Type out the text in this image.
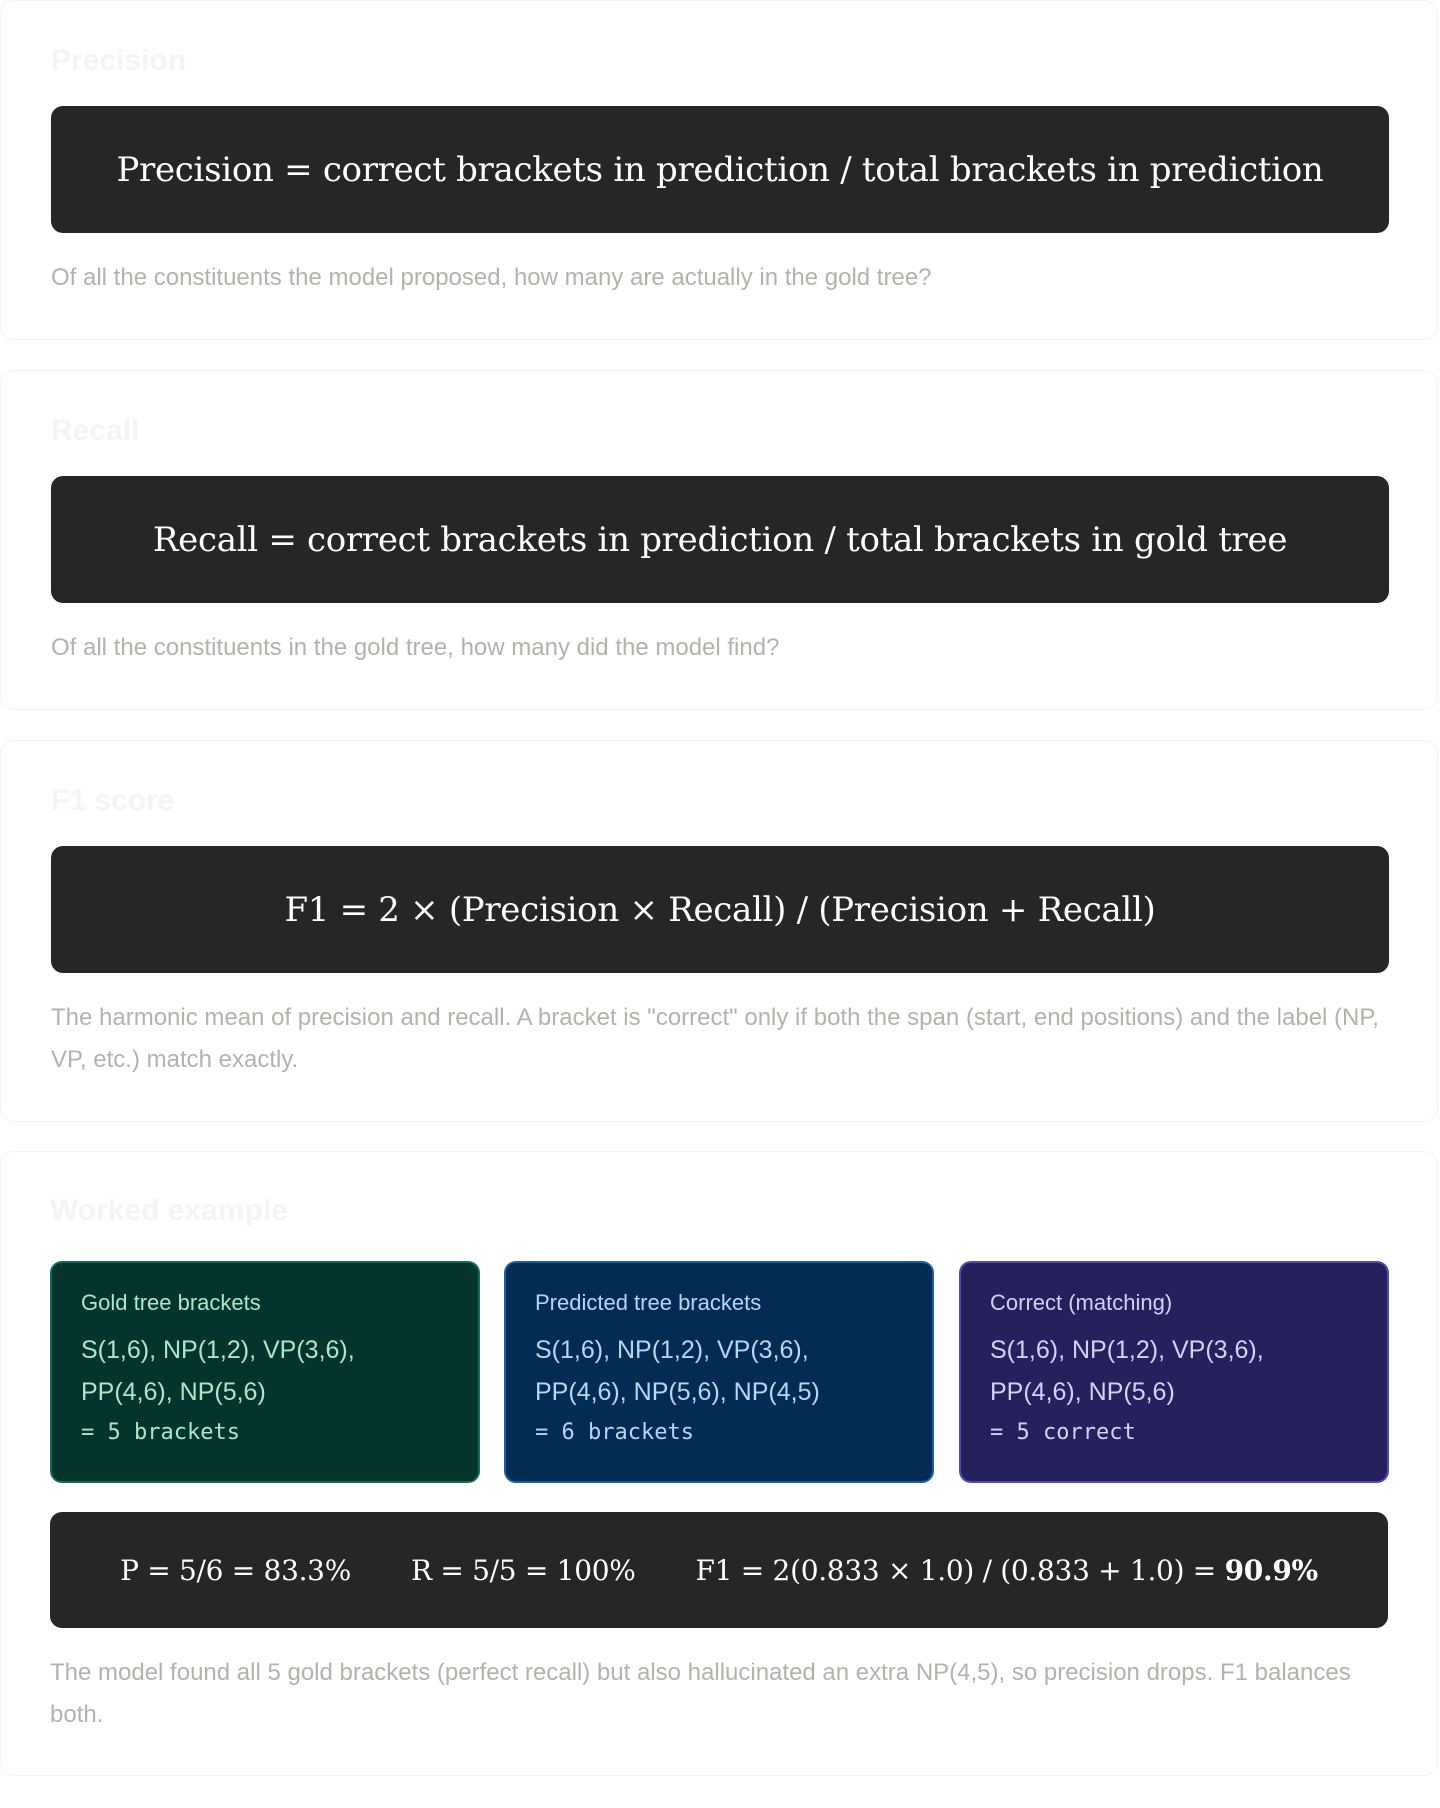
Precision
Precision = correct brackets in prediction / total brackets in prediction

Of all the constituents the model proposed, how many are actually in the gold tree?

Recall
Recall = correct brackets in prediction / total brackets in gold tree

Of all the constituents in the gold tree, how many did the model find?

F1 score
F1 = 2 × (Precision × Recall) / (Precision + Recall)

The harmonic mean of precision and recall. A bracket is "correct" only if both the span (start, end positions) and the label (NP, VP, etc.) match exactly.

Worked example

Gold tree brackets

S(1,6), NP(1,2), VP(3,6),

PP(4,6), NP(5,6)

= 5 brackets

Predicted tree brackets

S(1,6), NP(1,2), VP(3,6),

PP(4,6), NP(5,6), NP(4,5)

= 6 brackets

Correct (matching)

S(1,6), NP(1,2), VP(3,6),

PP(4,6), NP(5,6)

= 5 correct

P = 5/6 = 83.3% R = 5/5 = 100% F1 = 2(0.833 × 1.0) / (0.833 + 1.0) = 90.9%

The model found all 5 gold brackets (perfect recall) but also hallucinated an extra NP(4,5), so precision drops. F1 balances both.
